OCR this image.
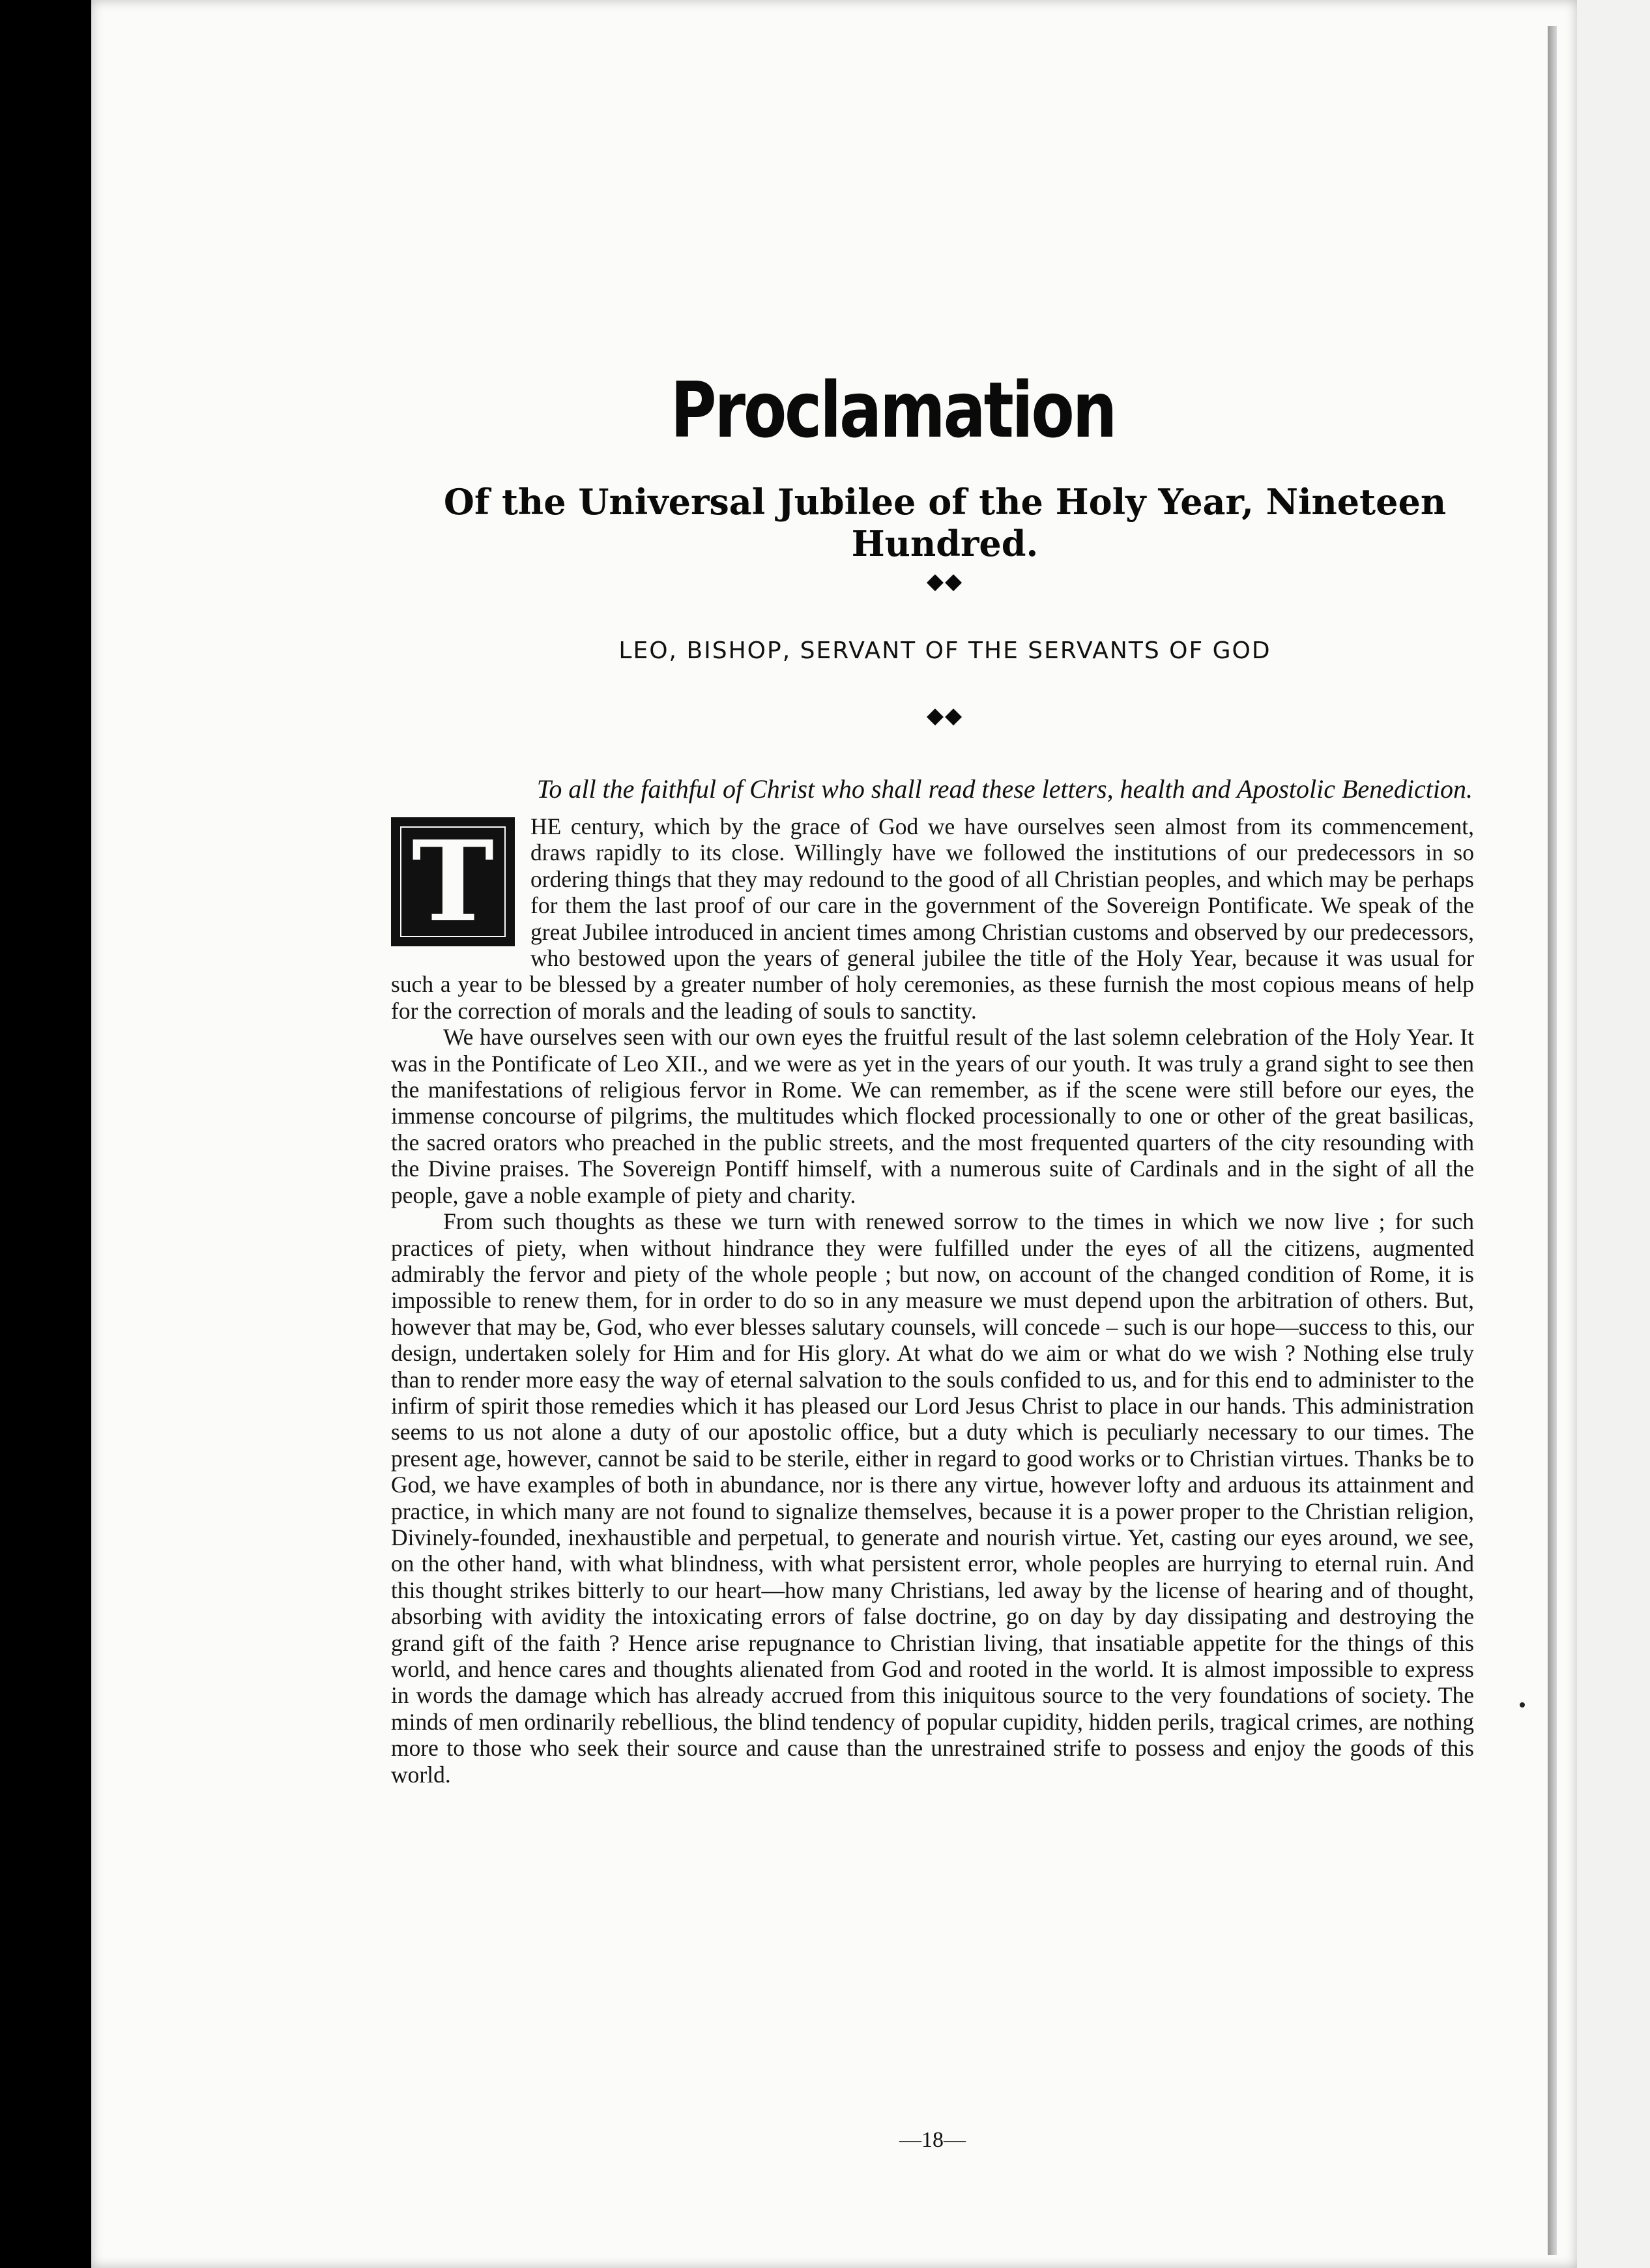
Proclamation
Of the Universal Jubilee of the Holy Year, Nineteen Hundred.
◆◆
LEO, BISHOP, SERVANT OF THE SERVANTS OF GOD
◆◆
To all the faithful of Christ who shall read these letters, health and Apostolic Benediction.

T HE century, which by the grace of God we have ourselves seen almost from its commencement, draws rapidly to its close. Willingly have we followed the institutions of our predecessors in so ordering things that they may redound to the good of all Christian peoples, and which may be perhaps for them the last proof of our care in the government of the Sovereign Pontificate. We speak of the great Jubilee introduced in ancient times among Christian customs and observed by our predecessors, who bestowed upon the years of general jubilee the title of the Holy Year, because it was usual for such a year to be blessed by a greater number of holy ceremonies, as these furnish the most copious means of help for the correction of morals and the leading of souls to sanctity.

We have ourselves seen with our own eyes the fruitful result of the last solemn celebration of the Holy Year. It was in the Pontificate of Leo XII., and we were as yet in the years of our youth. It was truly a grand sight to see then the manifestations of religious fervor in Rome. We can remember, as if the scene were still before our eyes, the immense concourse of pilgrims, the multitudes which flocked processionally to one or other of the great basilicas, the sacred orators who preached in the public streets, and the most frequented quarters of the city resounding with the Divine praises. The Sovereign Pontiff himself, with a numerous suite of Cardinals and in the sight of all the people, gave a noble example of piety and charity.

From such thoughts as these we turn with renewed sorrow to the times in which we now live ; for such practices of piety, when without hindrance they were fulfilled under the eyes of all the citizens, augmented admirably the fervor and piety of the whole people ; but now, on account of the changed condition of Rome, it is impossible to renew them, for in order to do so in any measure we must depend upon the arbitration of others. But, however that may be, God, who ever blesses salutary counsels, will concede – such is our hope—success to this, our design, undertaken solely for Him and for His glory. At what do we aim or what do we wish ? Nothing else truly than to render more easy the way of eternal salvation to the souls confided to us, and for this end to administer to the infirm of spirit those remedies which it has pleased our Lord Jesus Christ to place in our hands. This administration seems to us not alone a duty of our apostolic office, but a duty which is peculiarly necessary to our times. The present age, however, cannot be said to be sterile, either in regard to good works or to Christian virtues. Thanks be to God, we have examples of both in abundance, nor is there any virtue, however lofty and arduous its attainment and practice, in which many are not found to signalize themselves, because it is a power proper to the Christian religion, Divinely-founded, inexhaustible and perpetual, to generate and nourish virtue. Yet, casting our eyes around, we see, on the other hand, with what blindness, with what persistent error, whole peoples are hurrying to eternal ruin. And this thought strikes bitterly to our heart—how many Christians, led away by the license of hearing and of thought, absorbing with avidity the intoxicating errors of false doctrine, go on day by day dissipating and destroying the grand gift of the faith ? Hence arise repugnance to Christian living, that insatiable appetite for the things of this world, and hence cares and thoughts alienated from God and rooted in the world. It is almost impossible to express in words the damage which has already accrued from this iniquitous source to the very foundations of society. The minds of men ordinarily rebellious, the blind tendency of popular cupidity, hidden perils, tragical crimes, are nothing more to those who seek their source and cause than the unrestrained strife to possess and enjoy the goods of this world.

—18—
